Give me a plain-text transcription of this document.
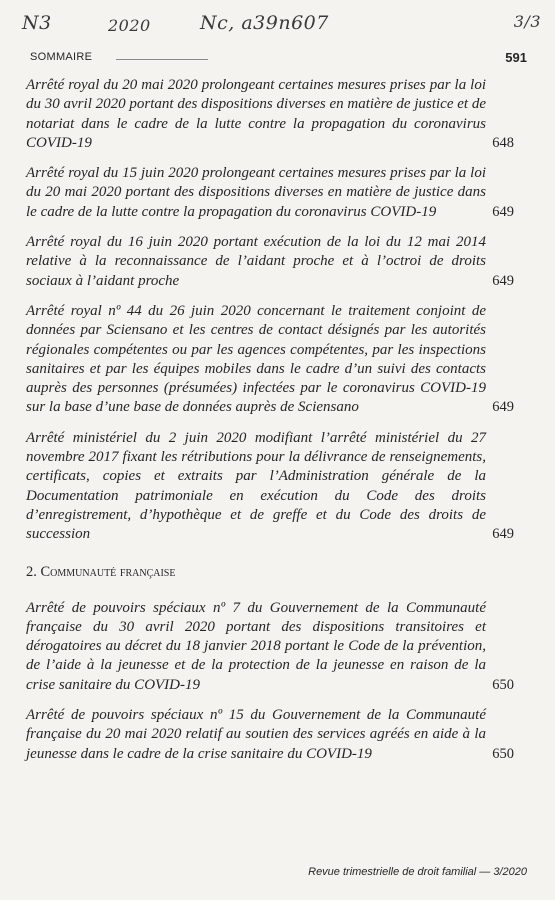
N3	2020	Nc, a39n607	3/3
SOMMAIRE	591
Arrêté royal du 20 mai 2020 prolongeant certaines mesures prises par la loi du 30 avril 2020 portant des dispositions diverses en matière de justice et de notariat dans le cadre de la lutte contre la propagation du coronavirus COVID-19	648
Arrêté royal du 15 juin 2020 prolongeant certaines mesures prises par la loi du 20 mai 2020 portant des dispositions diverses en matière de justice dans le cadre de la lutte contre la propagation du coronavirus COVID-19	649
Arrêté royal du 16 juin 2020 portant exécution de la loi du 12 mai 2014 relative à la reconnaissance de l’aidant proche et à l’octroi de droits sociaux à l’aidant proche	649
Arrêté royal nº 44 du 26 juin 2020 concernant le traitement conjoint de données par Sciensano et les centres de contact désignés par les autorités régionales compétentes ou par les agences compétentes, par les inspections sanitaires et par les équipes mobiles dans le cadre d’un suivi des contacts auprès des personnes (présumées) infectées par le coronavirus COVID-19 sur la base d’une base de données auprès de Sciensano	649
Arrêté ministériel du 2 juin 2020 modifiant l’arrêté ministériel du 27 novembre 2017 fixant les rétributions pour la délivrance de renseignements, certificats, copies et extraits par l’Administration générale de la Documentation patrimoniale en exécution du Code des droits d’enregistrement, d’hypothèque et de greffe et du Code des droits de succession	649
2. Communauté française
Arrêté de pouvoirs spéciaux nº 7 du Gouvernement de la Communauté française du 30 avril 2020 portant des dispositions transitoires et dérogatoires au décret du 18 janvier 2018 portant le Code de la prévention, de l’aide à la jeunesse et de la protection de la jeunesse en raison de la crise sanitaire du COVID-19	650
Arrêté de pouvoirs spéciaux nº 15 du Gouvernement de la Communauté française du 20 mai 2020 relatif au soutien des services agréés en aide à la jeunesse dans le cadre de la crise sanitaire du COVID-19	650
Revue trimestrielle de droit familial — 3/2020
